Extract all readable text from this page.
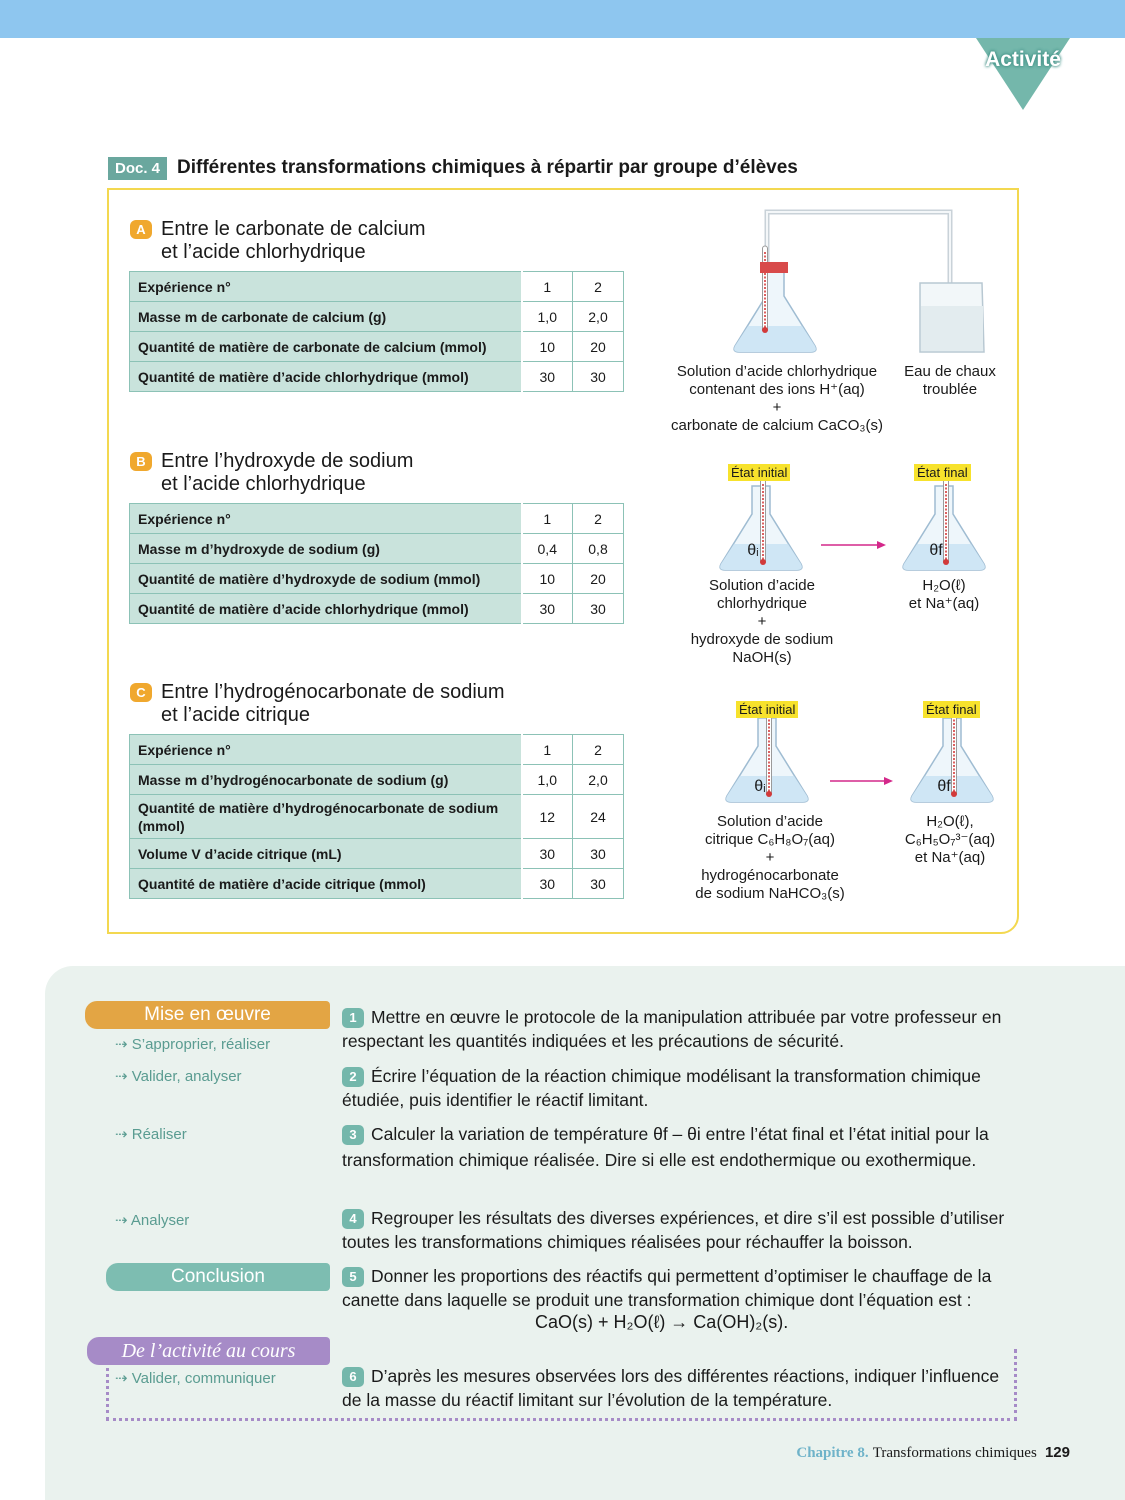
Activité
Doc. 4 Différentes transformations chimiques à répartir par groupe d’élèves
A Entre le carbonate de calcium
et l’acide chlorhydrique
Expérience n°	1	2
Masse m de carbonate de calcium (g)	1,0	2,0
Quantité de matière de carbonate de calcium (mmol)	10	20
Quantité de matière d’acide chlorhydrique (mmol)	30	30
B Entre l’hydroxyde de sodium
et l’acide chlorhydrique
Expérience n°	1	2
Masse m d’hydroxyde de sodium (g)	0,4	0,8
Quantité de matière d’hydroxyde de sodium (mmol)	10	20
Quantité de matière d’acide chlorhydrique (mmol)	30	30
C Entre l’hydrogénocarbonate de sodium
et l’acide citrique
Expérience n°	1	2
Masse m d’hydrogénocarbonate de sodium (g)	1,0	2,0
Quantité de matière d’hydrogénocarbonate de sodium (mmol)	12	24
Volume V d’acide citrique (mL)	30	30
Quantité de matière d’acide citrique (mmol)	30	30
Solution d’acide chlorhydrique
contenant des ions H⁺(aq)
+
carbonate de calcium CaCO₃(s)
Eau de chaux
troublée
État initial	État final
θᵢ	θf
Solution d’acide
chlorhydrique
+
hydroxyde de sodium
NaOH(s)
H₂O(ℓ)
et Na⁺(aq)
État initial	État final
θᵢ	θf
Solution d’acide
citrique C₆H₈O₇(aq)
+
hydrogénocarbonate
de sodium NaHCO₃(s)
H₂O(ℓ),
C₆H₅O₇³⁻(aq)
et Na⁺(aq)
Mise en œuvre
Conclusion
De l’activité au cours
⇢ S’approprier, réaliser
⇢ Valider, analyser
⇢ Réaliser
⇢ Analyser
⇢ Valider, communiquer
1 Mettre en œuvre le protocole de la manipulation attribuée par votre professeur en respectant les quantités indiquées et les précautions de sécurité.
2 Écrire l’équation de la réaction chimique modélisant la transformation chimique étudiée, puis identifier le réactif limitant.
3 Calculer la variation de température θf – θi entre l’état final et l’état initial pour la transformation chimique réalisée. Dire si elle est endothermique ou exothermique.
4 Regrouper les résultats des diverses expériences, et dire s’il est possible d’utiliser toutes les transformations chimiques réalisées pour réchauffer la boisson.
5 Donner les proportions des réactifs qui permettent d’optimiser le chauffage de la canette dans laquelle se produit une transformation chimique dont l’équation est :
CaO(s) + H₂O(ℓ) → Ca(OH)₂(s).
6 D’après les mesures observées lors des différentes réactions, indiquer l’influence de la masse du réactif limitant sur l’évolution de la température.
Chapitre 8. Transformations chimiques 129
